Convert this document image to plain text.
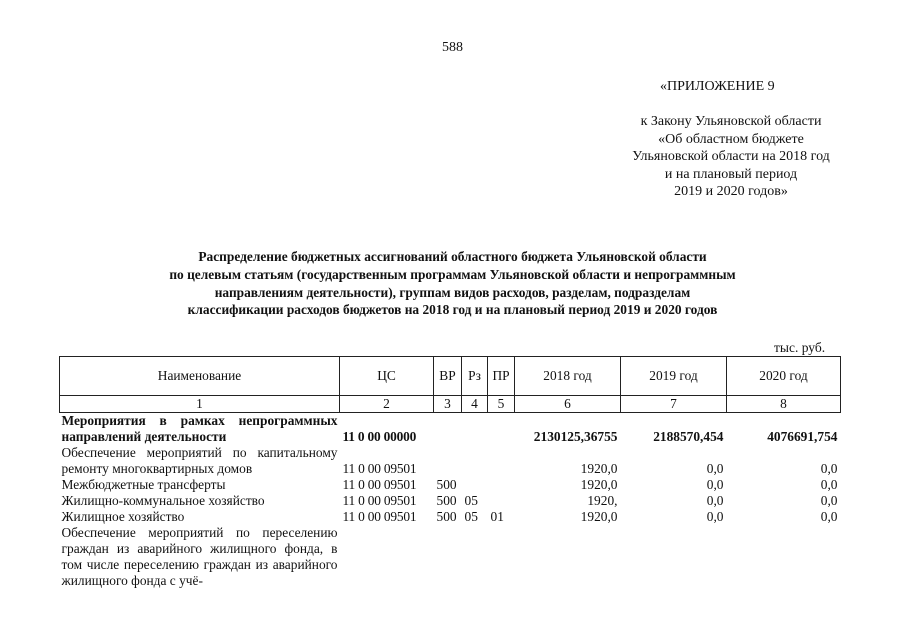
588
«ПРИЛОЖЕНИЕ 9
к Закону Ульяновской области
«Об областном бюджете
Ульяновской области на 2018 год
и на плановый период
2019 и 2020 годов»
Распределение бюджетных ассигнований областного бюджета Ульяновской области
по целевым статьям (государственным программам Ульяновской области и непрограммным
направлениям деятельности), группам видов расходов, разделам, подразделам
классификации расходов бюджетов на 2018 год и на плановый период 2019 и 2020 годов
тыс. руб.
Наименование	ЦС	ВР	Рз	ПР	2018 год	2019 год	2020 год
1	2	3	4	5	6	7	8
Мероприятия в рамках непрограммных направлений деятельности	11 0 00 00000				2130125,36755	2188570,454	4076691,754
Обеспечение мероприятий по капитальному ремонту многоквартирных домов	11 0 00 09501				1920,0	0,0	0,0
Межбюджетные трансферты	11 0 00 09501	500			1920,0	0,0	0,0
Жилищно-коммунальное хозяйство	11 0 00 09501	500	05		1920,	0,0	0,0
Жилищное хозяйство	11 0 00 09501	500	05	01	1920,0	0,0	0,0
Обеспечение мероприятий по переселению граждан из аварийного жилищного фонда, в том числе переселению граждан из аварийного жилищного фонда с учё-							
